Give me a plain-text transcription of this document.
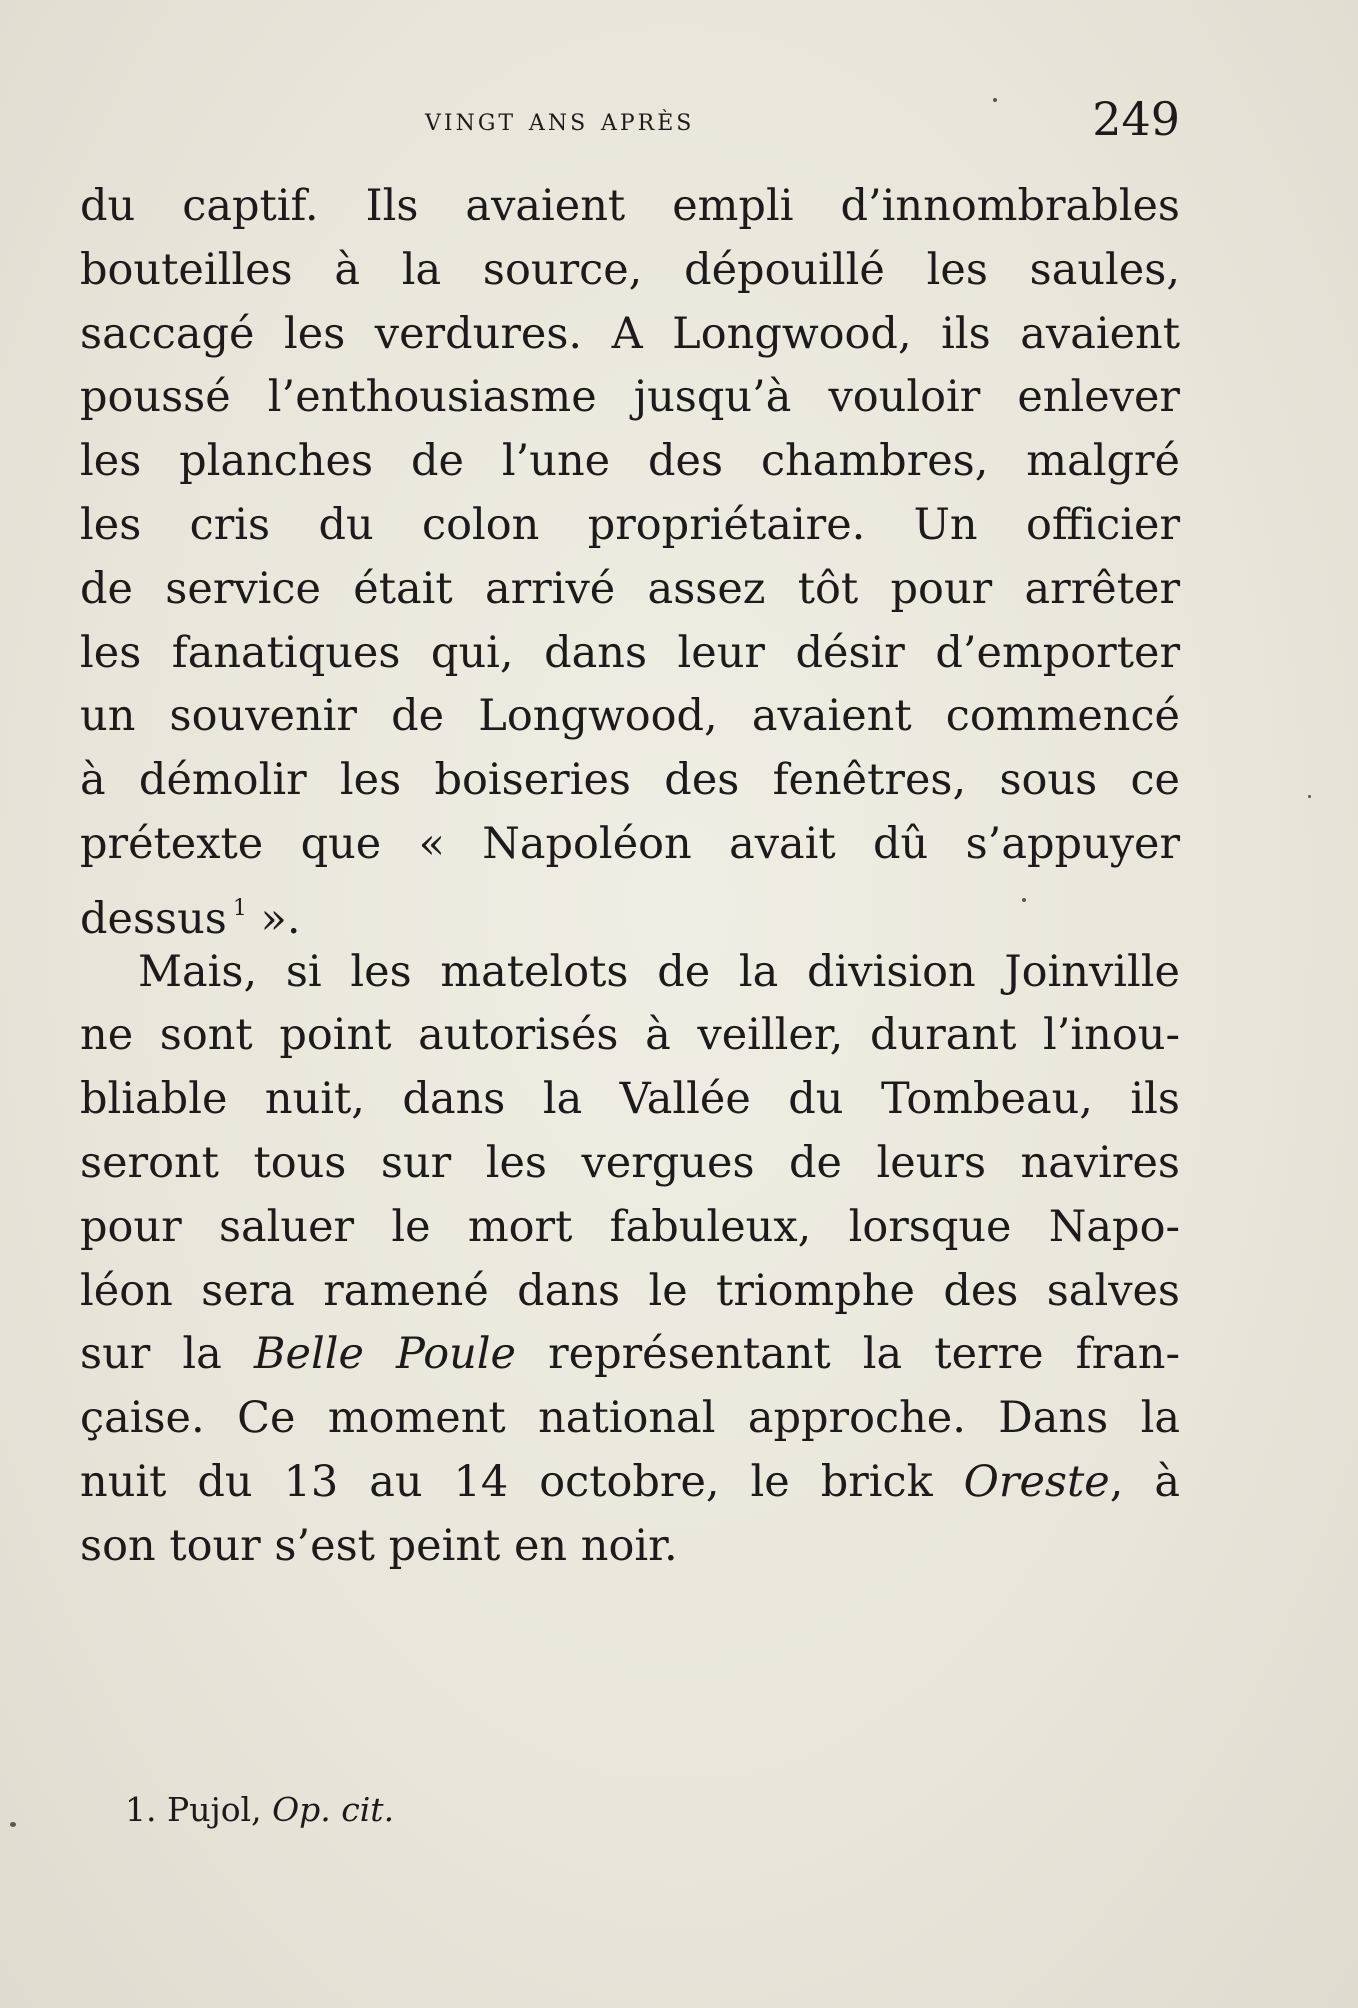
vingt ans après	249
du captif. Ils avaient empli d’innombrables
bouteilles à la source, dépouillé les saules,
saccagé les verdures. A Longwood, ils avaient
poussé l’enthousiasme jusqu’à vouloir enlever
les planches de l’une des chambres, malgré
les cris du colon propriétaire. Un officier
de service était arrivé assez tôt pour arrêter
les fanatiques qui, dans leur désir d’emporter
un souvenir de Longwood, avaient commencé
à démolir les boiseries des fenêtres, sous ce
prétexte que « Napoléon avait dû s’appuyer
dessus $^1$ ».
Mais, si les matelots de la division Joinville
ne sont point autorisés à veiller, durant l’inou-
bliable nuit, dans la Vallée du Tombeau, ils
seront tous sur les vergues de leurs navires
pour saluer le mort fabuleux, lorsque Napo-
léon sera ramené dans le triomphe des salves
sur la Belle Poule représentant la terre fran-
çaise. Ce moment national approche. Dans la
nuit du 13 au 14 octobre, le brick Oreste, à
son tour s’est peint en noir.
1. Pujol, Op. cit.
